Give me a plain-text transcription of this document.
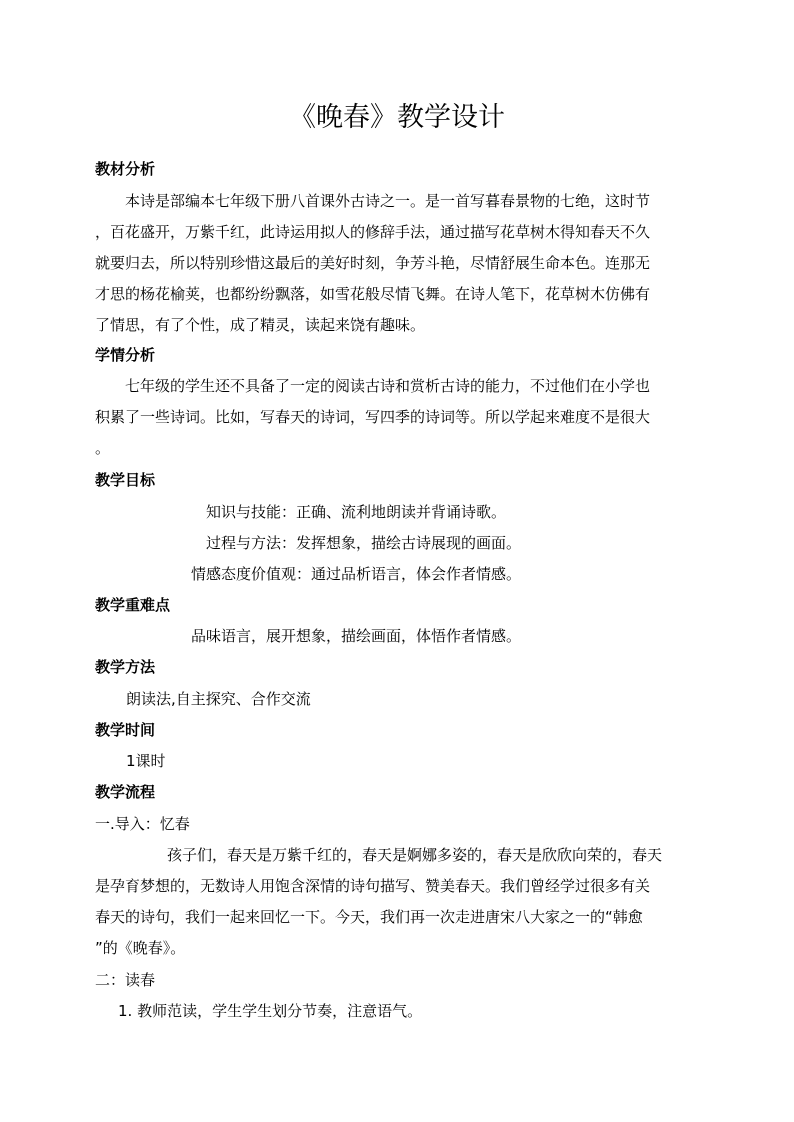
《晚春》教学设计
教材分析
本诗是部编本七年级下册八首课外古诗之一。是一首写暮春景物的七绝，这时节
，百花盛开，万紫千红，此诗运用拟人的修辞手法，通过描写花草树木得知春天不久
就要归去，所以特别珍惜这最后的美好时刻，争芳斗艳，尽情舒展生命本色。连那无
才思的杨花榆荚，也都纷纷飘落，如雪花般尽情飞舞。在诗人笔下，花草树木仿佛有
了情思，有了个性，成了精灵，读起来饶有趣味。
学情分析
七年级的学生还不具备了一定的阅读古诗和赏析古诗的能力，不过他们在小学也
积累了一些诗词。比如，写春天的诗词，写四季的诗词等。所以学起来难度不是很大
。
教学目标
知识与技能：正确、流利地朗读并背诵诗歌。
过程与方法：发挥想象，描绘古诗展现的画面。
情感态度价值观：通过品析语言，体会作者情感。
教学重难点
品味语言，展开想象，描绘画面，体悟作者情感。
教学方法
朗读法,自主探究、合作交流
教学时间
1课时
教学流程
一.导入：忆春
孩子们，春天是万紫千红的，春天是婀娜多姿的，春天是欣欣向荣的，春天
是孕育梦想的，无数诗人用饱含深情的诗句描写、赞美春天。我们曾经学过很多有关
春天的诗句，我们一起来回忆一下。今天，我们再一次走进唐宋八大家之一的“韩愈
”的《晚春》。
二：读春
1. 教师范读，学生学生划分节奏，注意语气。
